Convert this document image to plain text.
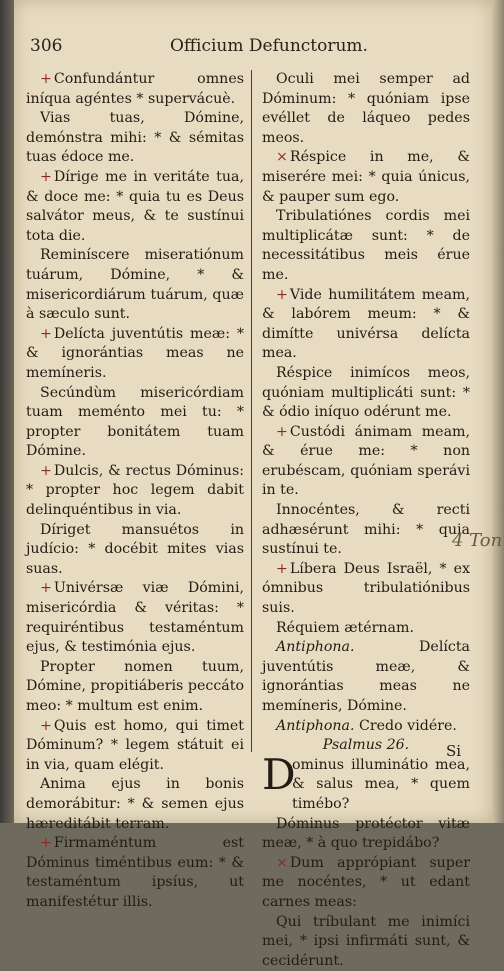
306	Officium Defunctorum.

+ Confundántur omnes iníqua agéntes * supervácuè.

Vias tuas, Dómine, demónstra mihi: * & sémitas tuas édoce me.

+ Dírige me in veritáte tua, & doce me: * quia tu es Deus salvátor meus, & te sustínui tota die.

Reminíscere miseratiónum tuárum, Dómine, * & misericordiárum tuárum, quæ à sæculo sunt.

+ Delícta juventútis meæ: * & ignorántias meas ne memíneris.

Secúndùm misericórdiam tuam meménto mei tu: * propter bonitátem tuam Dómine.

+ Dulcis, & rectus Dóminus: * propter hoc legem dabit delinquéntibus in via.

Díriget mansuétos in judício: * docébit mites vias suas.

+ Univérsæ viæ Dómini, misericórdia & véritas: * requiréntibus testaméntum ejus, & testimónia ejus.

Propter nomen tuum, Dómine, propitiáberis peccáto meo: * multum est enim.

+ Quis est homo, qui timet Dóminum? * legem státuit ei in via, quam elégit.

Anima ejus in bonis demorábitur: * & semen ejus hæreditábit terram.

+ Firmaméntum est Dóminus timéntibus eum: * & testaméntum ipsíus, ut manifestétur illis.

Oculi mei semper ad Dóminum: * quóniam ipse evéllet de láqueo pedes meos.

× Réspice in me, & miserére mei: * quia únicus, & pauper sum ego.

Tribulatiónes cordis mei multiplicátæ sunt: * de necessitátibus meis érue me.

+ Vide humilitátem meam, & labórem meum: * & dimítte univérsa delícta mea.

Réspice inimícos meos, quóniam multiplicáti sunt: * & ódio iníquo odérunt me.

+ Custódi ánimam meam, & érue me: * non erubéscam, quóniam sperávi in te.

Innocéntes, & recti adhæsérunt mihi: * quia sustínui te.

+ Líbera Deus Israël, * ex ómnibus tribulatiónibus suis.

Réquiem ætérnam.

Antiphona.	Delícta juventútis meæ, & ignorántias meas ne memíneris, Dómine.

Antiphona. Credo vidére.

Psalmus 26.

D
ominus illuminátio mea, & salus mea, * quem timébo?

Dóminus protéctor vitæ meæ, * à quo trepidábo?

× Dum apprópiant super me nocéntes, * ut edant carnes meas:

Qui tríbulant me inimíci mei, * ipsi infirmáti sunt, & cecidérunt.

4 Ton
Si
